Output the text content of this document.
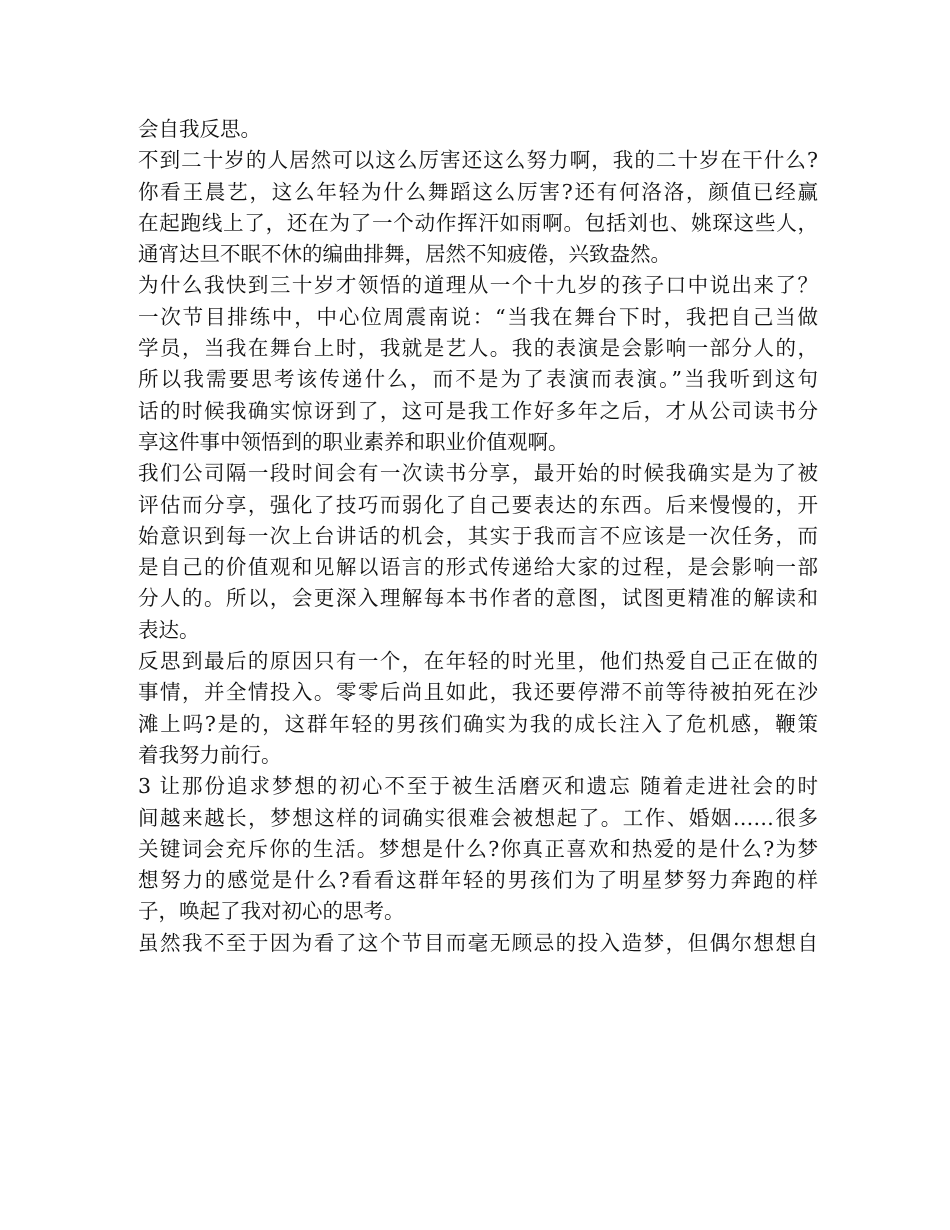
会自我反思。
不到二十岁的人居然可以这么厉害还这么努力啊，我的二十岁在干什么?
你看王晨艺，这么年轻为什么舞蹈这么厉害?还有何洛洛，颜值已经赢
在起跑线上了，还在为了一个动作挥汗如雨啊。包括刘也、姚琛这些人，
通宵达旦不眠不休的编曲排舞，居然不知疲倦，兴致盎然。
为什么我快到三十岁才领悟的道理从一个十九岁的孩子口中说出来了？
一次节目排练中，中心位周震南说：“当我在舞台下时，我把自己当做
学员，当我在舞台上时，我就是艺人。我的表演是会影响一部分人的，
所以我需要思考该传递什么，而不是为了表演而表演。”当我听到这句
话的时候我确实惊讶到了，这可是我工作好多年之后，才从公司读书分
享这件事中领悟到的职业素养和职业价值观啊。
我们公司隔一段时间会有一次读书分享，最开始的时候我确实是为了被
评估而分享，强化了技巧而弱化了自己要表达的东西。后来慢慢的，开
始意识到每一次上台讲话的机会，其实于我而言不应该是一次任务，而
是自己的价值观和见解以语言的形式传递给大家的过程，是会影响一部
分人的。所以，会更深入理解每本书作者的意图，试图更精准的解读和
表达。
反思到最后的原因只有一个，在年轻的时光里，他们热爱自己正在做的
事情，并全情投入。零零后尚且如此，我还要停滞不前等待被拍死在沙
滩上吗?是的，这群年轻的男孩们确实为我的成长注入了危机感，鞭策
着我努力前行。
3 让那份追求梦想的初心不至于被生活磨灭和遗忘 随着走进社会的时
间越来越长，梦想这样的词确实很难会被想起了。工作、婚姻……很多
关键词会充斥你的生活。梦想是什么?你真正喜欢和热爱的是什么?为梦
想努力的感觉是什么?看看这群年轻的男孩们为了明星梦努力奔跑的样
子，唤起了我对初心的思考。
虽然我不至于因为看了这个节目而毫无顾忌的投入造梦，但偶尔想想自
